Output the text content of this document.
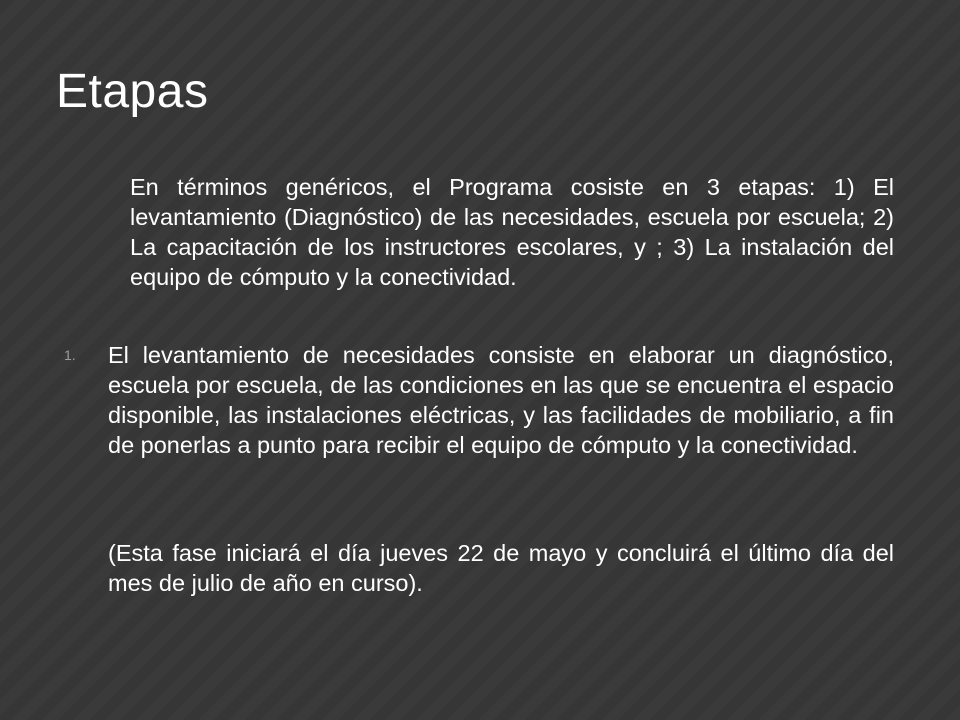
Etapas

En términos genéricos, el Programa cosiste en 3 etapas: 1) El levantamiento (Diagnóstico) de las necesidades, escuela por escuela; 2) La capacitación de los instructores escolares, y ; 3) La instalación del equipo de cómputo y la conectividad.

1. El levantamiento de necesidades consiste en elaborar un diagnóstico, escuela por escuela, de las condiciones en las que se encuentra el espacio disponible, las instalaciones eléctricas, y las facilidades de mobiliario, a fin de ponerlas a punto para recibir el equipo de cómputo y la conectividad.

(Esta fase iniciará el día jueves 22 de mayo y concluirá el último día del mes de julio de año en curso).
